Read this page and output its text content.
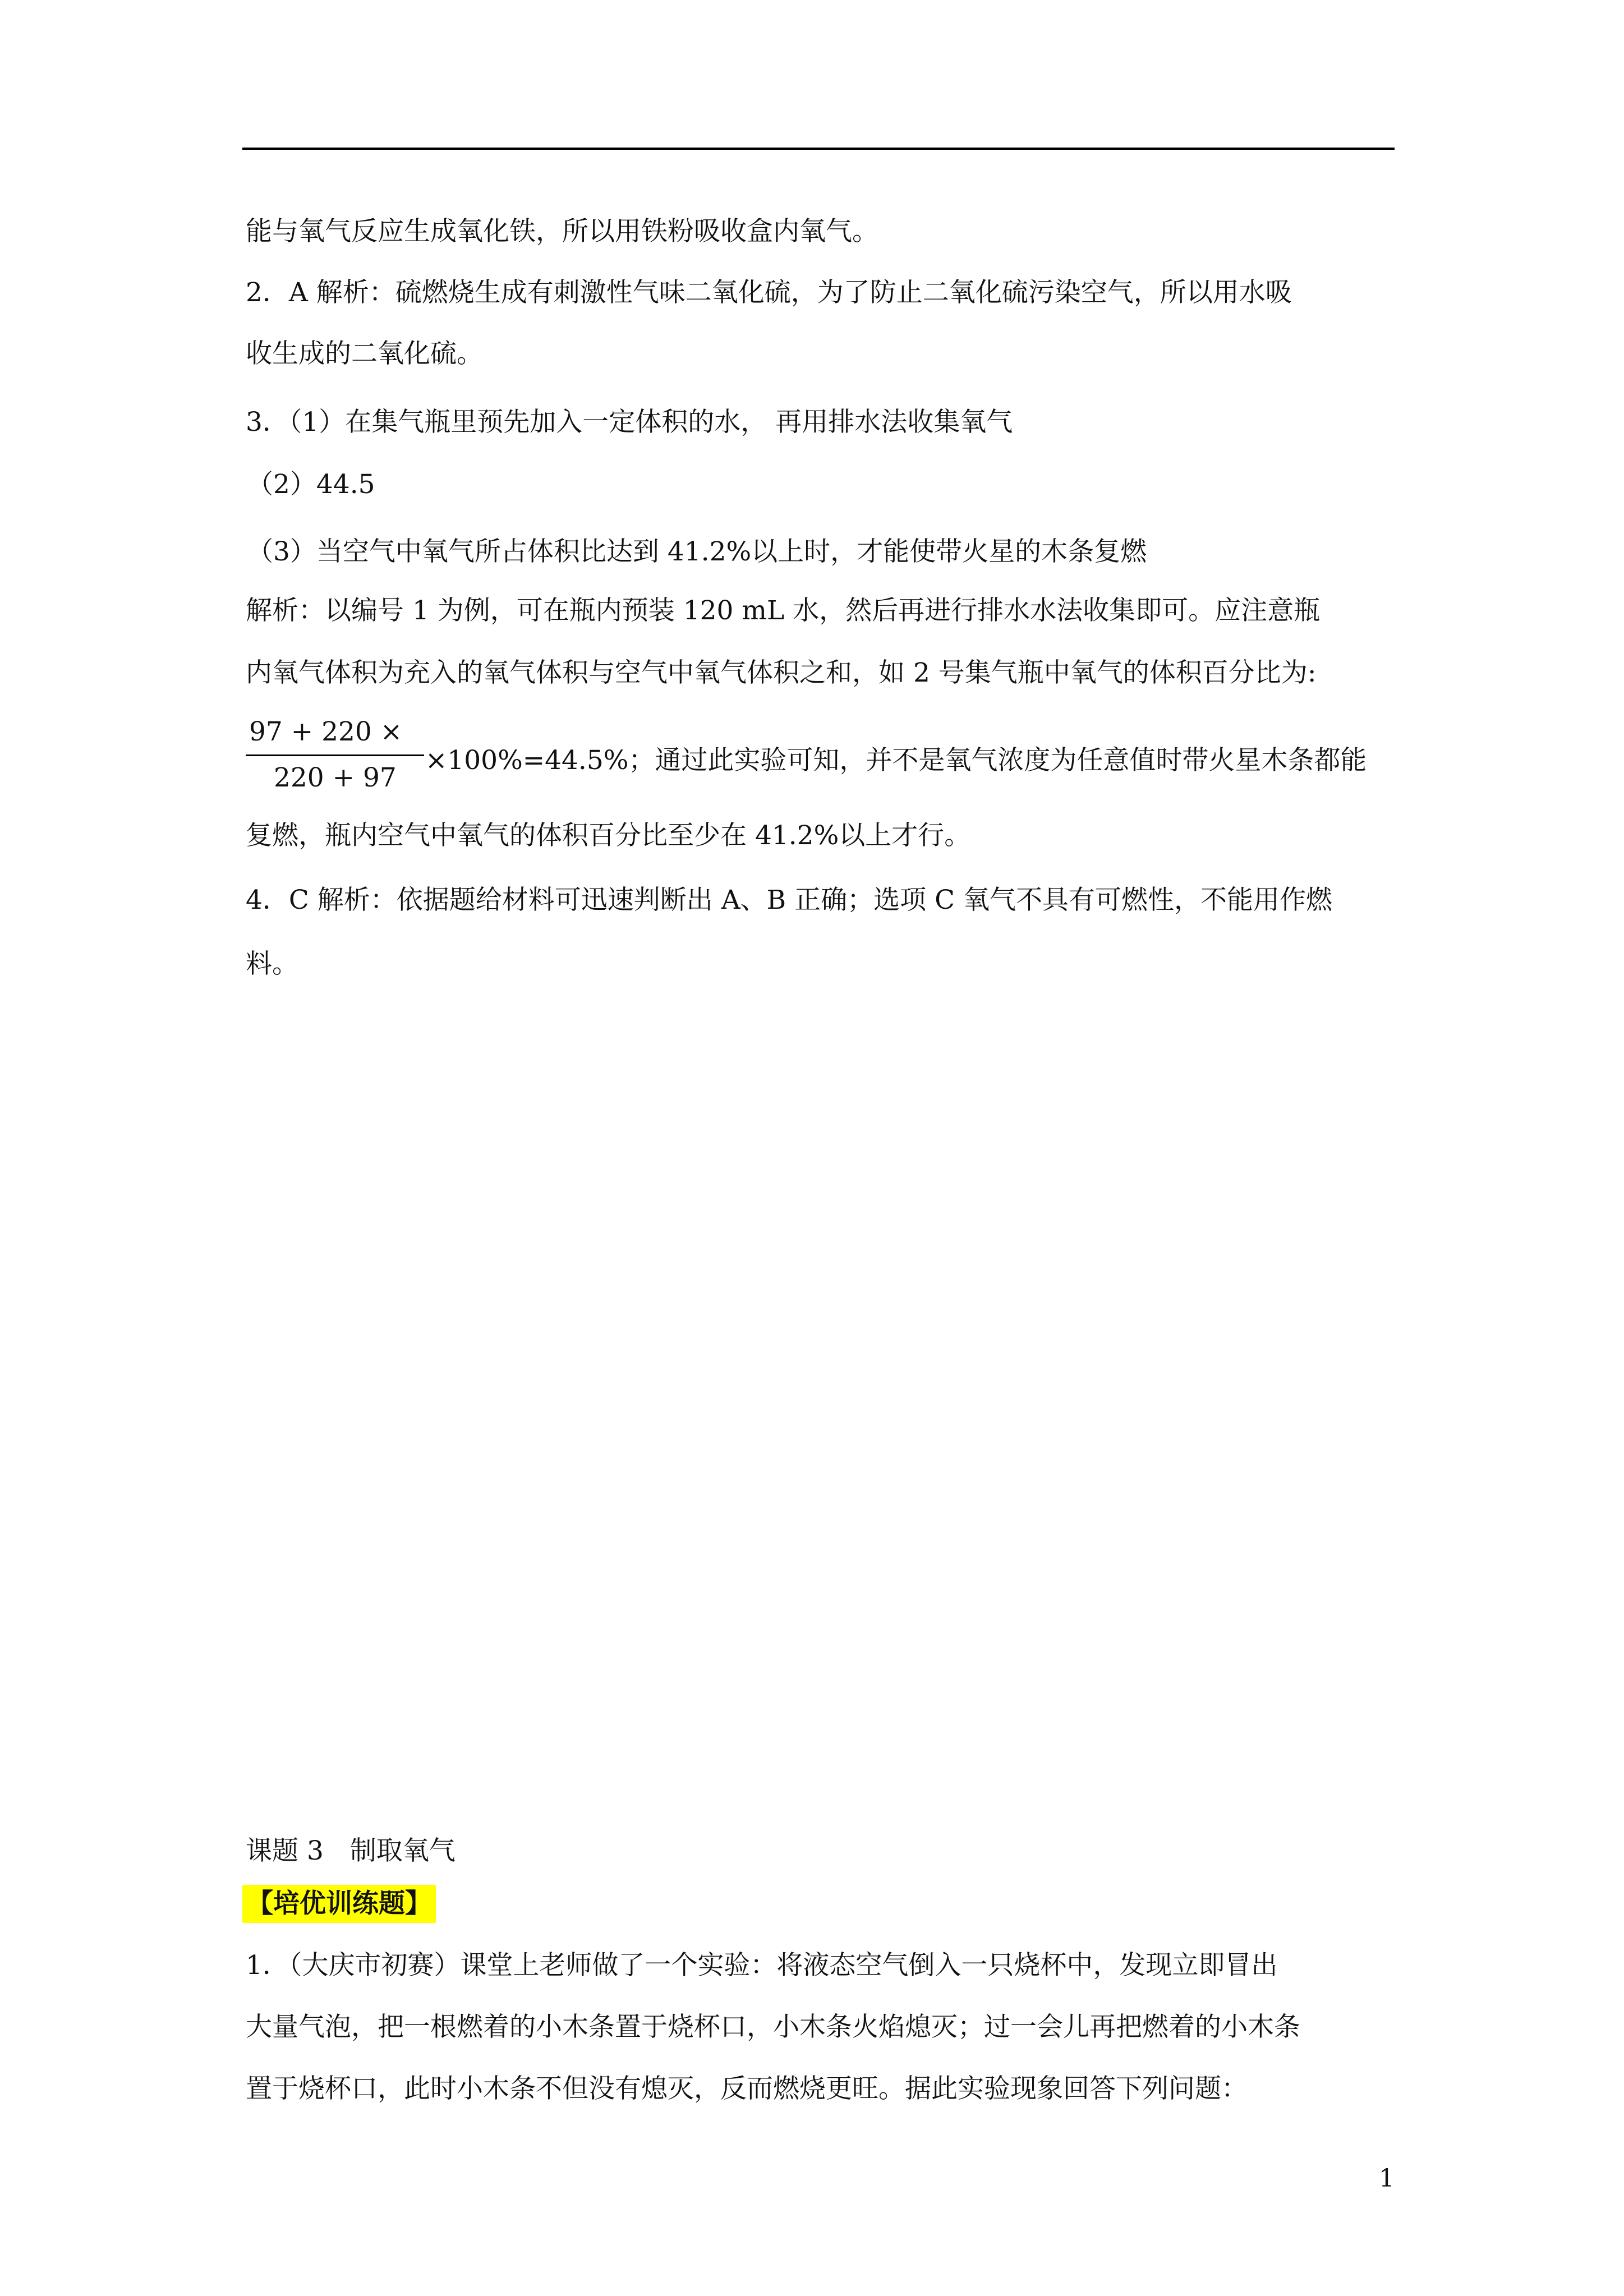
能与氧气反应生成氧化铁，所以用铁粉吸收盒内氧气。
2．A 解析：硫燃烧生成有刺激性气味二氧化硫，为了防止二氧化硫污染空气，所以用水吸
收生成的二氧化硫。
3．（1）在集气瓶里预先加入一定体积的水， 再用排水法收集氧气
（2）44.5
（3）当空气中氧气所占体积比达到 41.2%以上时，才能使带火星的木条复燃
解析：以编号 1 为例，可在瓶内预装 120 mL 水，然后再进行排水水法收集即可。应注意瓶
内氧气体积为充入的氧气体积与空气中氧气体积之和，如 2 号集气瓶中氧气的体积百分比为:
97 + 220 ×
220 + 97
×100%=44.5%；通过此实验可知，并不是氧气浓度为任意值时带火星木条都能
复燃，瓶内空气中氧气的体积百分比至少在 41.2%以上才行。
4．C 解析：依据题给材料可迅速判断出 A、B 正确；选项 C 氧气不具有可燃性，不能用作燃
料。
课题 3　制取氧气
【培优训练题】
1．（大庆市初赛）课堂上老师做了一个实验：将液态空气倒入一只烧杯中，发现立即冒出
大量气泡，把一根燃着的小木条置于烧杯口，小木条火焰熄灭；过一会儿再把燃着的小木条
置于烧杯口，此时小木条不但没有熄灭，反而燃烧更旺。据此实验现象回答下列问题：
1
